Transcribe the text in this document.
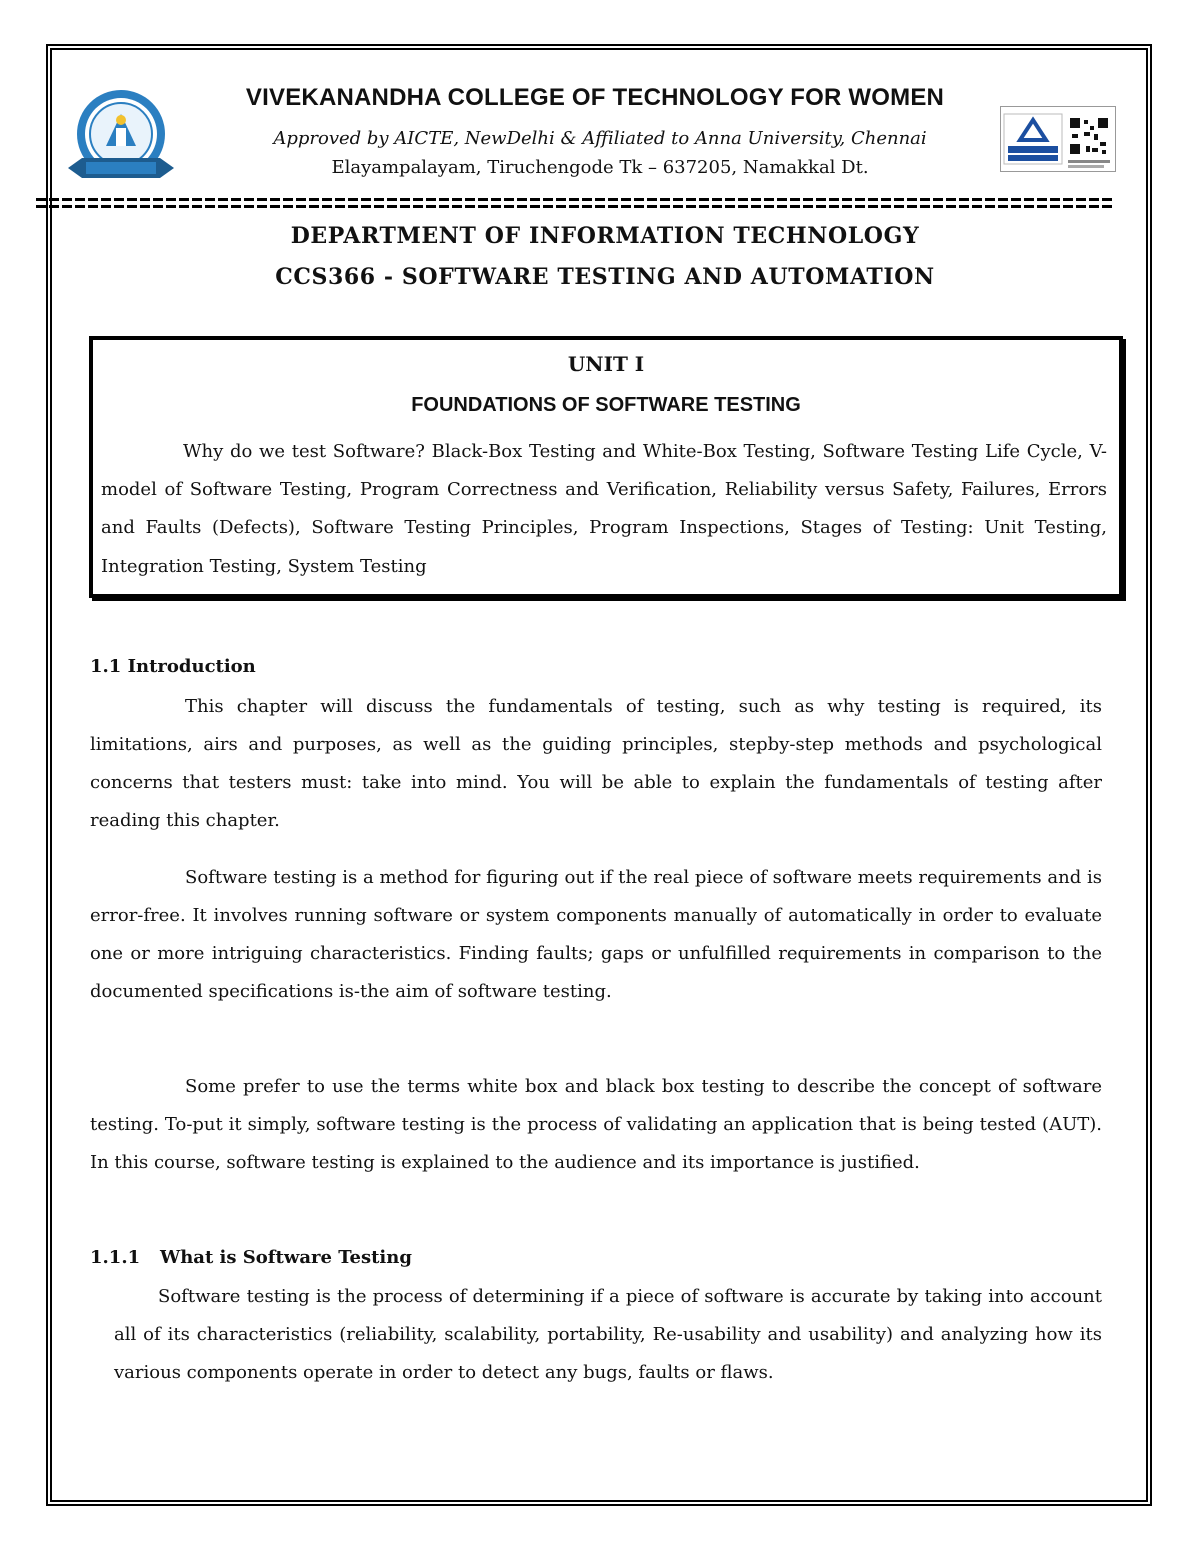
VIVEKANANDHA COLLEGE OF TECHNOLOGY FOR WOMEN
Approved by AICTE, NewDelhi & Affiliated to Anna University, Chennai
Elayampalayam, Tiruchengode Tk – 637205, Namakkal Dt.
DEPARTMENT OF INFORMATION TECHNOLOGY
CCS366 - SOFTWARE TESTING AND AUTOMATION
UNIT I
FOUNDATIONS OF SOFTWARE TESTING
Why do we test Software? Black-Box Testing and White-Box Testing, Software Testing Life Cycle, V-model of Software Testing, Program Correctness and Verification, Reliability versus Safety, Failures, Errors and Faults (Defects), Software Testing Principles, Program Inspections, Stages of Testing: Unit Testing, Integration Testing, System Testing
1.1 Introduction
This chapter will discuss the fundamentals of testing, such as why testing is required, its limitations, airs and purposes, as well as the guiding principles, stepby-step methods and psychological concerns that testers must: take into mind. You will be able to explain the fundamentals of testing after reading this chapter.
Software testing is a method for figuring out if the real piece of software meets requirements and is error-free. It involves running software or system components manually of automatically in order to evaluate one or more intriguing characteristics. Finding faults; gaps or unfulfilled requirements in comparison to the documented specifications is-the aim of software testing.
Some prefer to use the terms white box and black box testing to describe the concept of software testing. To-put it simply, software testing is the process of validating an application that is being tested (AUT). In this course, software testing is explained to the audience and its importance is justified.
1.1.1 What is Software Testing
Software testing is the process of determining if a piece of software is accurate by taking into account all of its characteristics (reliability, scalability, portability, Re-usability and usability) and analyzing how its various components operate in order to detect any bugs, faults or flaws.
